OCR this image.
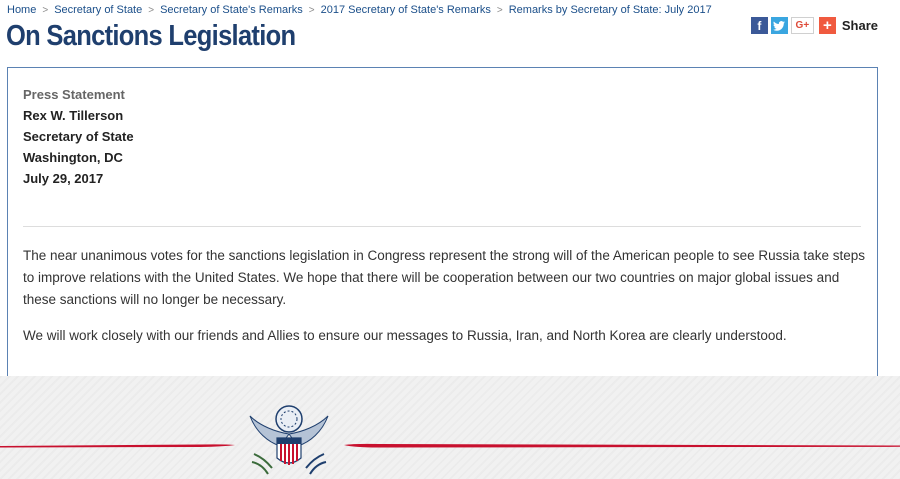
Home > Secretary of State > Secretary of State's Remarks > 2017 Secretary of State's Remarks > Remarks by Secretary of State: July 2017
On Sanctions Legislation	f	G+ + Share
Press Statement
Rex W. Tillerson
Secretary of State
Washington, DC
July 29, 2017

The near unanimous votes for the sanctions legislation in Congress represent the strong will of the American people to see Russia take steps to improve relations with the United States. We hope that there will be cooperation between our two countries on major global issues and these sanctions will no longer be necessary.

We will work closely with our friends and Allies to ensure our messages to Russia, Iran, and North Korea are clearly understood.
